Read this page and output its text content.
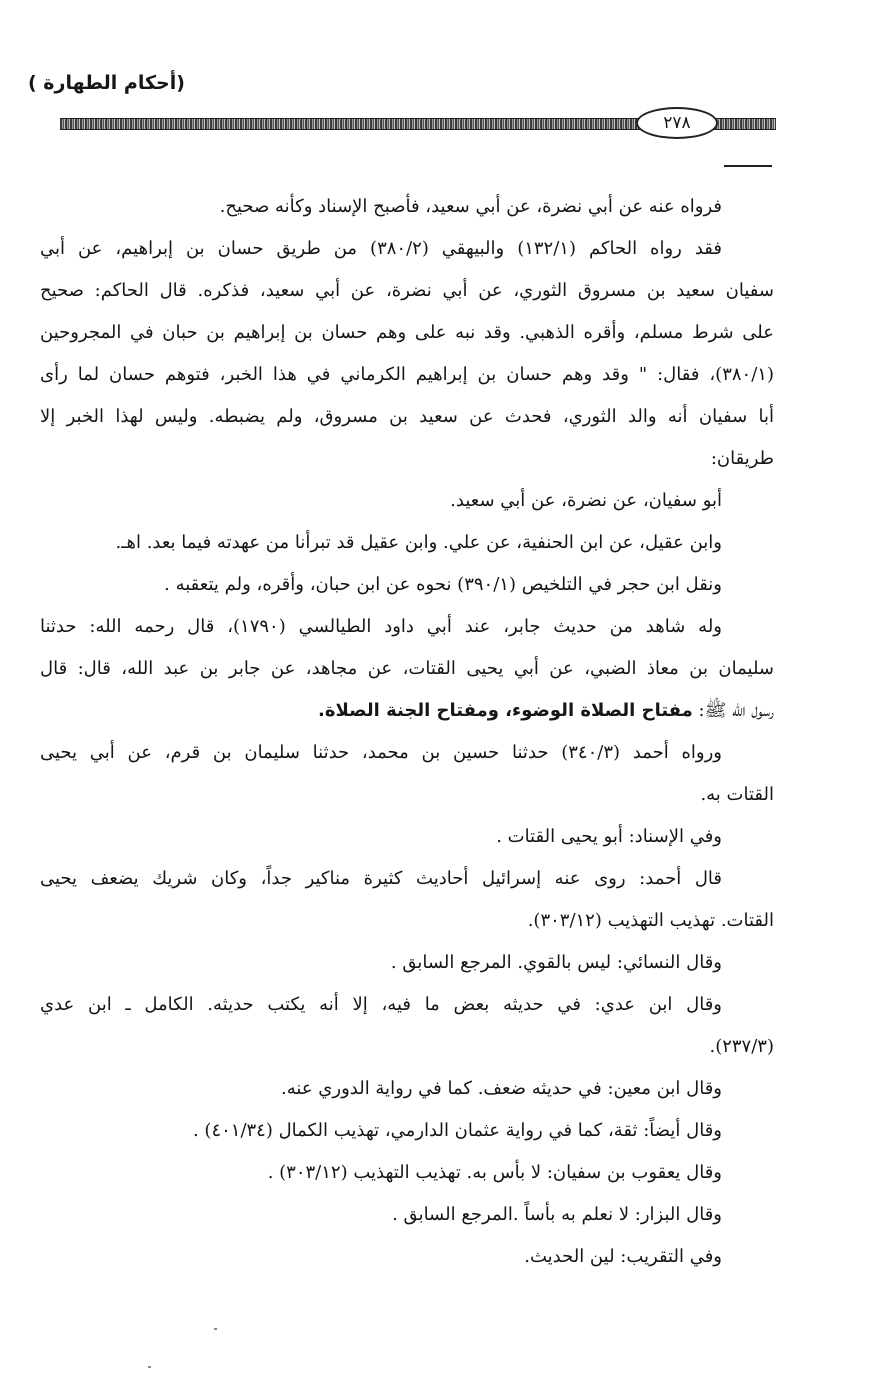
(أحكام الطهارة )
٢٧٨
فرواه عنه عن أبي نضرة، عن أبي سعيد، فأصبح الإسناد وكأنه صحيح.
فقد رواه الحاكم (١٣٢/١) والبيهقي (٣٨٠/٢) من طريق حسان بن إبراهيم، عن أبي
سفيان سعيد بن مسروق الثوري، عن أبي نضرة، عن أبي سعيد، فذكره. قال الحاكم: صحيح
على شرط مسلم، وأقره الذهبي. وقد نبه على وهم حسان بن إبراهيم بن حبان في المجروحين
(٣٨٠/١)، فقال: " وقد وهم حسان بن إبراهيم الكرماني في هذا الخبر، فتوهم حسان لما رأى
أبا سفيان أنه والد الثوري، فحدث عن سعيد بن مسروق، ولم يضبطه. وليس لهذا الخبر إلا
طريقان:
أبو سفيان، عن نضرة، عن أبي سعيد.
وابن عقيل، عن ابن الحنفية، عن علي. وابن عقيل قد تبرأنا من عهدته فيما بعد. اهـ.
ونقل ابن حجر في التلخيص (٣٩٠/١) نحوه عن ابن حبان، وأقره، ولم يتعقبه .
وله شاهد من حديث جابر، عند أبي داود الطيالسي (١٧٩٠)، قال رحمه الله: حدثنا
سليمان بن معاذ الضبي، عن أبي يحيى القتات، عن مجاهد، عن جابر بن عبد الله، قال: قال
رسول الله ﷺ: مفتاح الصلاة الوضوء، ومفتاح الجنة الصلاة.
ورواه أحمد (٣٤٠/٣) حدثنا حسين بن محمد، حدثنا سليمان بن قرم، عن أبي يحيى
القتات به.
وفي الإسناد: أبو يحيى القتات .
قال أحمد: روى عنه إسرائيل أحاديث كثيرة مناكير جداً، وكان شريك يضعف يحيى
القتات. تهذيب التهذيب (٣٠٣/١٢).
وقال النسائي: ليس بالقوي. المرجع السابق .
وقال ابن عدي: في حديثه بعض ما فيه، إلا أنه يكتب حديثه. الكامل ـ ابن عدي
(٢٣٧/٣).
وقال ابن معين: في حديثه ضعف. كما في رواية الدوري عنه.
وقال أيضاً: ثقة، كما في رواية عثمان الدارمي، تهذيب الكمال (٤٠١/٣٤) .
وقال يعقوب بن سفيان: لا بأس به. تهذيب التهذيب (٣٠٣/١٢) .
وقال البزار: لا نعلم به بأساً .المرجع السابق .
وفي التقريب: لين الحديث.
